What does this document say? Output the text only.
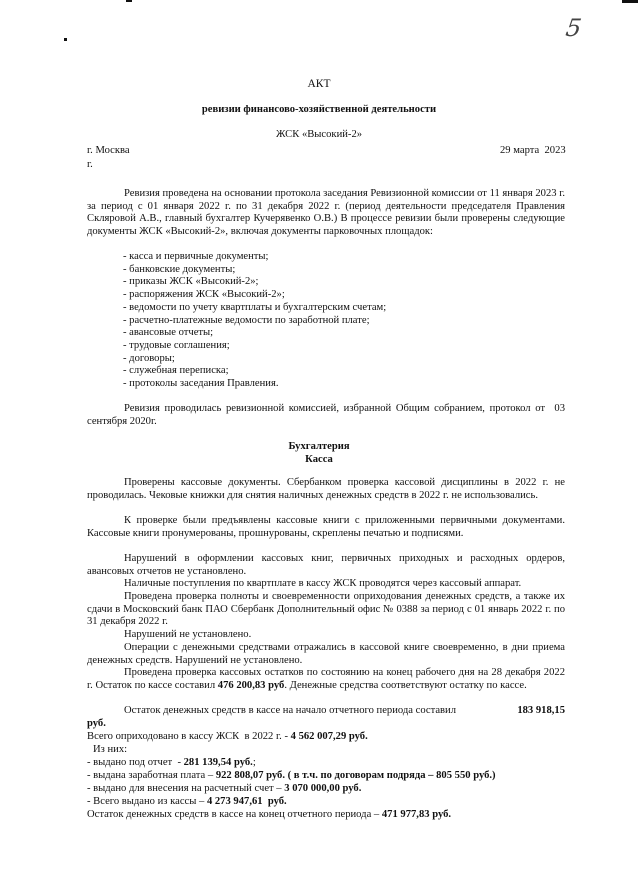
5
АКТ
ревизии финансово-хозяйственной деятельности
ЖСК «Высокий-2»
г. Москва
г.
29 марта  2023
Ревизия проведена на основании протокола заседания Ревизионной комиссии от 11 января 2023 г. за период с 01 января 2022 г. по 31 декабря 2022 г. (период деятельности председателя Правления Скляровой А.В., главный бухгалтер Кучерявенко О.В.) В процессе ревизии были проверены следующие документы ЖСК «Высокий-2», включая документы парковочных площадок:
- касса и первичные документы;
- банковские документы;
- приказы ЖСК «Высокий-2»;
- распоряжения ЖСК «Высокий-2»;
- ведомости по учету квартплаты и бухгалтерским счетам;
- расчетно-платежные ведомости по заработной плате;
- авансовые отчеты;
- трудовые соглашения;
- договоры;
- служебная переписка;
- протоколы заседания Правления.
Ревизия проводилась ревизионной комиссией, избранной Общим собранием, протокол от  03 сентября 2020г.
Бухгалтерия
Касса
Проверены кассовые документы. Сбербанком проверка кассовой дисциплины в 2022 г. не проводилась. Чековые книжки для снятия наличных денежных средств в 2022 г. не использовались.
К проверке были предъявлены кассовые книги с приложенными первичными документами. Кассовые книги пронумерованы, прошнурованы, скреплены печатью и подписями.
Нарушений в оформлении кассовых книг, первичных приходных и расходных ордеров, авансовых отчетов не установлено.
Наличные поступления по квартплате в кассу ЖСК проводятся через кассовый аппарат.
Проведена проверка полноты и своевременности оприходования денежных средств, а также их сдачи в Московский банк ПАО Сбербанк Дополнительный офис № 0388 за период с 01 январь 2022 г. по 31 декабря 2022 г.
Нарушений не установлено.
Операции с денежными средствами отражались в кассовой книге своевременно, в дни приема денежных средств. Нарушений не установлено.
Проведена проверка кассовых остатков по состоянию на конец рабочего дня на 28 декабря 2022 г. Остаток по кассе составил 476 200,83 руб. Денежные средства соответствуют остатку по кассе.
Остаток денежных средств в кассе на начало отчетного периода составил	183 918,15
руб.
Всего оприходовано в кассу ЖСК  в 2022 г. - 4 562 007,29 руб.
Из них:
- выдано под отчет  - 281 139,54 руб.;
- выдана заработная плата – 922 808,07 руб. ( в т.ч. по договорам подряда – 805 550 руб.)
- выдано для внесения на расчетный счет – 3 070 000,00 руб.
- Всего выдано из кассы – 4 273 947,61  руб.
Остаток денежных средств в кассе на конец отчетного периода – 471 977,83 руб.
